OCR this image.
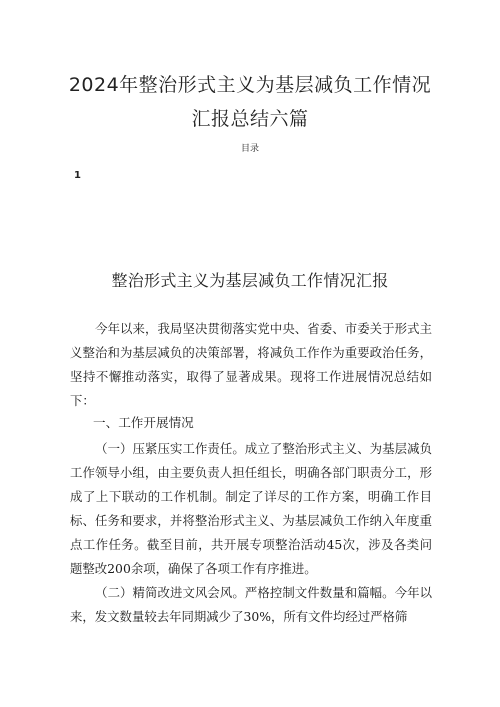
2024年整治形式主义为基层减负工作情况
汇报总结六篇
目录
1
整治形式主义为基层减负工作情况汇报
今年以来，我局坚决贯彻落实党中央、省委、市委关于形式主义整治和为基层减负的决策部署，将减负工作作为重要政治任务，坚持不懈推动落实，取得了显著成果。现将工作进展情况总结如下：
一、工作开展情况
（一）压紧压实工作责任。成立了整治形式主义、为基层减负工作领导小组，由主要负责人担任组长，明确各部门职责分工，形成了上下联动的工作机制。制定了详尽的工作方案，明确工作目标、任务和要求，并将整治形式主义、为基层减负工作纳入年度重点工作任务。截至目前，共开展专项整治活动45次，涉及各类问题整改200余项，确保了各项工作有序推进。
（二）精简改进文风会风。严格控制文件数量和篇幅。今年以来，发文数量较去年同期减少了30%，所有文件均经过严格筛
